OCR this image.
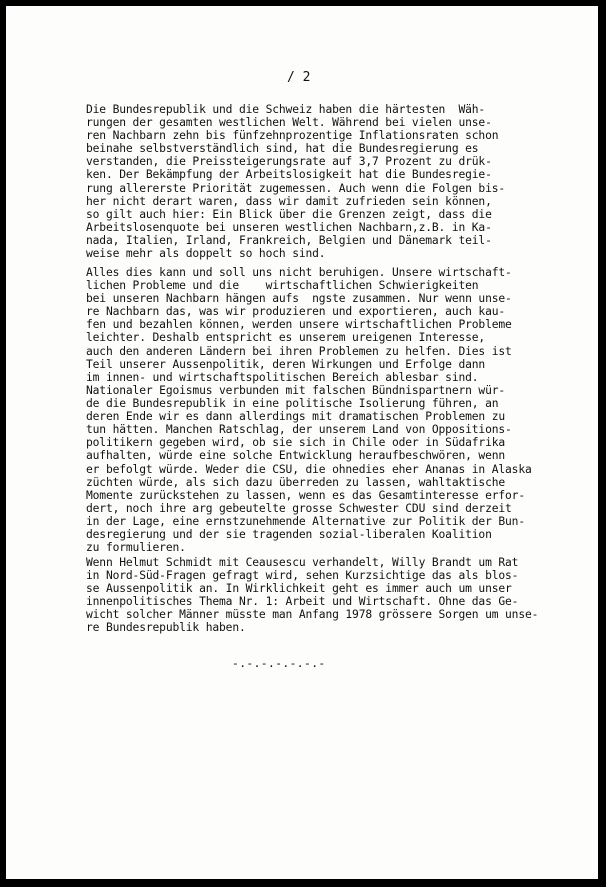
/ 2
Die Bundesrepublik und die Schweiz haben die härtesten  Wäh-
rungen der gesamten westlichen Welt. Während bei vielen unse-
ren Nachbarn zehn bis fünfzehnprozentige Inflationsraten schon
beinahe selbstverständlich sind, hat die Bundesregierung es
verstanden, die Preissteigerungsrate auf 3,7 Prozent zu drük-
ken. Der Bekämpfung der Arbeitslosigkeit hat die Bundesregie-
rung allererste Priorität zugemessen. Auch wenn die Folgen bis-
her nicht derart waren, dass wir damit zufrieden sein können,
so gilt auch hier: Ein Blick über die Grenzen zeigt, dass die
Arbeitslosenquote bei unseren westlichen Nachbarn,z.B. in Ka-
nada, Italien, Irland, Frankreich, Belgien und Dänemark teil-
weise mehr als doppelt so hoch sind.
Alles dies kann und soll uns nicht beruhigen. Unsere wirtschaft-
lichen Probleme und die    wirtschaftlichen Schwierigkeiten
bei unseren Nachbarn hängen aufs  ngste zusammen. Nur wenn unse-
re Nachbarn das, was wir produzieren und exportieren, auch kau-
fen und bezahlen können, werden unsere wirtschaftlichen Probleme
leichter. Deshalb entspricht es unserem ureigenen Interesse,
auch den anderen Ländern bei ihren Problemen zu helfen. Dies ist
Teil unserer Aussenpolitik, deren Wirkungen und Erfolge dann
im innen- und wirtschaftspolitischen Bereich ablesbar sind.
Nationaler Egoismus verbunden mit falschen Bündnispartnern wür-
de die Bundesrepublik in eine politische Isolierung führen, an
deren Ende wir es dann allerdings mit dramatischen Problemen zu
tun hätten. Manchen Ratschlag, der unserem Land von Oppositions-
politikern gegeben wird, ob sie sich in Chile oder in Südafrika
aufhalten, würde eine solche Entwicklung heraufbeschwören, wenn
er befolgt würde. Weder die CSU, die ohnedies eher Ananas in Alaska
züchten würde, als sich dazu überreden zu lassen, wahltaktische
Momente zurückstehen zu lassen, wenn es das Gesamtinteresse erfor-
dert, noch ihre arg gebeutelte grosse Schwester CDU sind derzeit
in der Lage, eine ernstzunehmende Alternative zur Politik der Bun-
desregierung und der sie tragenden sozial-liberalen Koalition
zu formulieren.
Wenn Helmut Schmidt mit Ceausescu verhandelt, Willy Brandt um Rat
in Nord-Süd-Fragen gefragt wird, sehen Kurzsichtige das als blos-
se Aussenpolitik an. In Wirklichkeit geht es immer auch um unser
innenpolitisches Thema Nr. 1: Arbeit und Wirtschaft. Ohne das Ge-
wicht solcher Männer müsste man Anfang 1978 grössere Sorgen um unse-
re Bundesrepublik haben.
-.-.-.-.-.-.-
